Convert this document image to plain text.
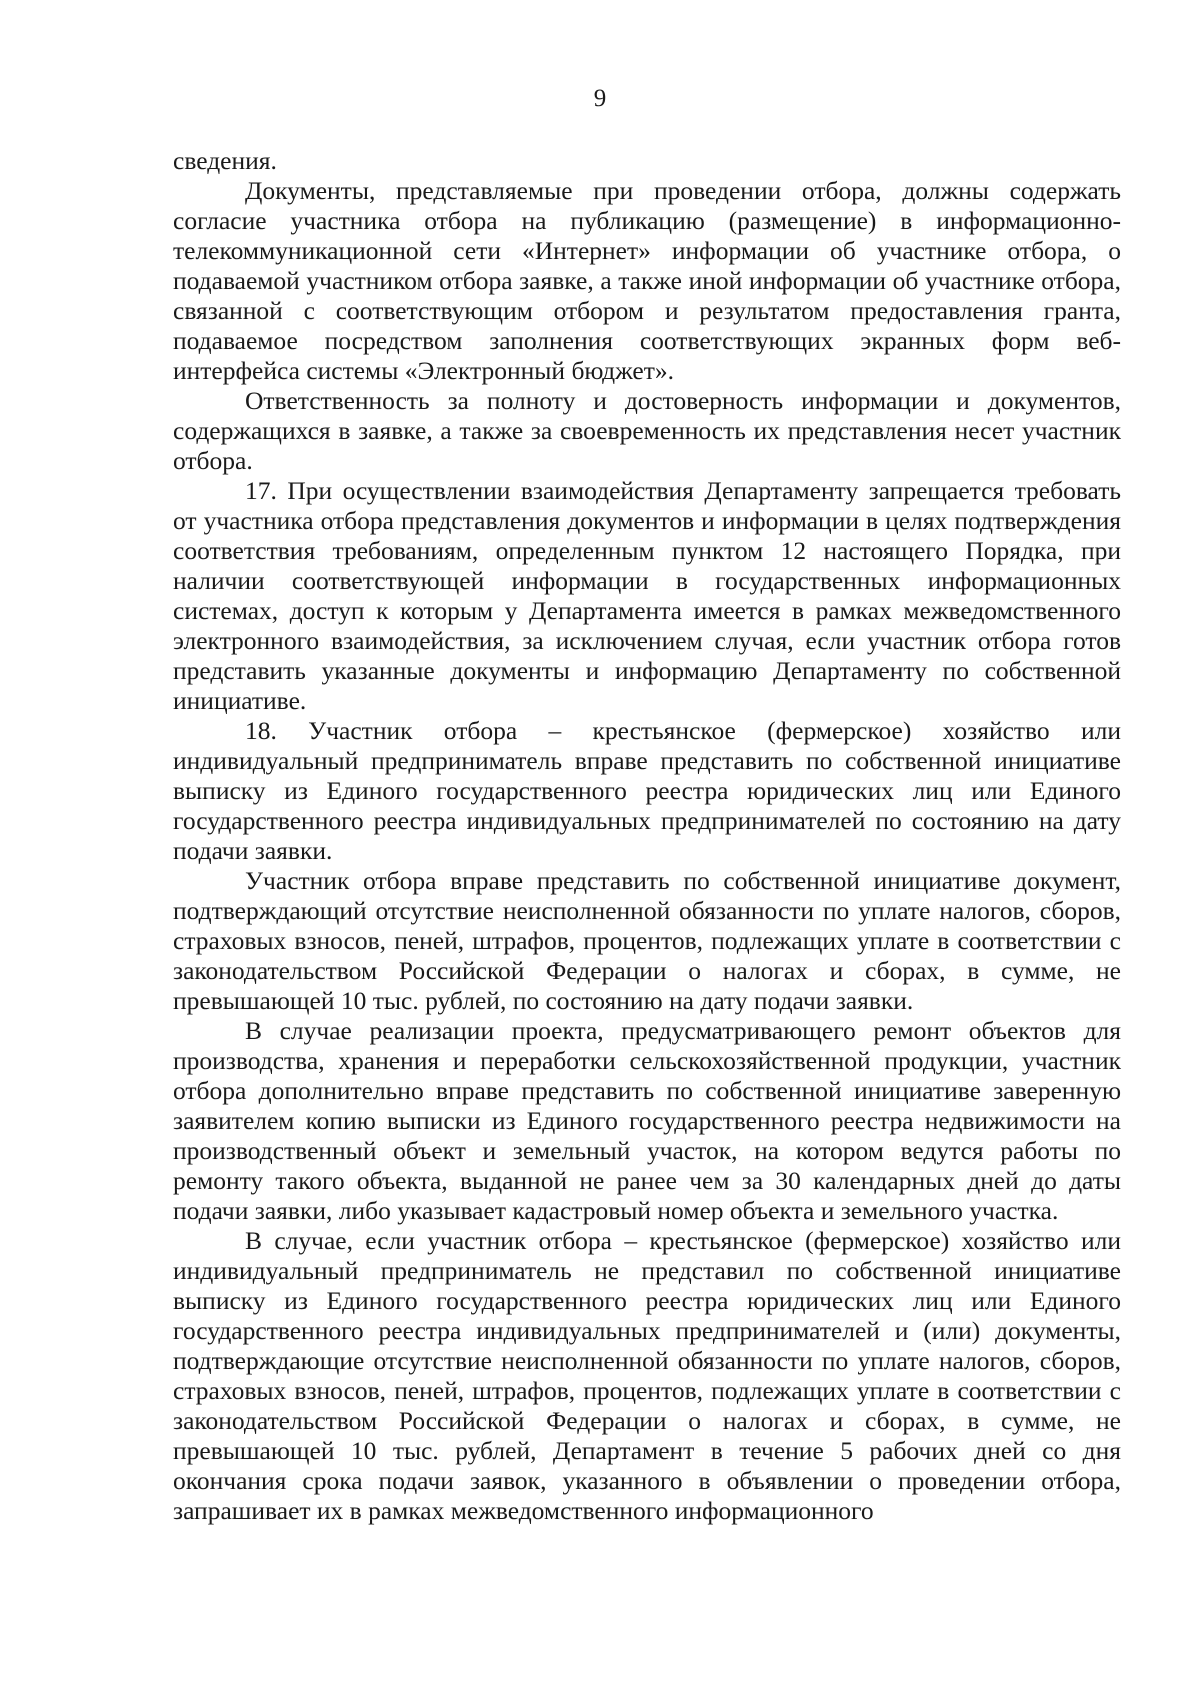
9

сведения.

Документы, представляемые при проведении отбора, должны содержать согласие участника отбора на публикацию (размещение) в информационно-телекоммуникационной сети «Интернет» информации об участнике отбора, о подаваемой участником отбора заявке, а также иной информации об участнике отбора, связанной с соответствующим отбором и результатом предоставления гранта, подаваемое посредством заполнения соответствующих экранных форм веб-интерфейса системы «Электронный бюджет».

Ответственность за полноту и достоверность информации и документов, содержащихся в заявке, а также за своевременность их представления несет участник отбора.

17. При осуществлении взаимодействия Департаменту запрещается требовать от участника отбора представления документов и информации в целях подтверждения соответствия требованиям, определенным пунктом 12 настоящего Порядка, при наличии соответствующей информации в государственных информационных системах, доступ к которым у Департамента имеется в рамках межведомственного электронного взаимодействия, за исключением случая, если участник отбора готов представить указанные документы и информацию Департаменту по собственной инициативе.

18. Участник отбора – крестьянское (фермерское) хозяйство или индивидуальный предприниматель вправе представить по собственной инициативе выписку из Единого государственного реестра юридических лиц или Единого государственного реестра индивидуальных предпринимателей по состоянию на дату подачи заявки.

Участник отбора вправе представить по собственной инициативе документ, подтверждающий отсутствие неисполненной обязанности по уплате налогов, сборов, страховых взносов, пеней, штрафов, процентов, подлежащих уплате в соответствии с законодательством Российской Федерации о налогах и сборах, в сумме, не превышающей 10 тыс. рублей, по состоянию на дату подачи заявки.

В случае реализации проекта, предусматривающего ремонт объектов для производства, хранения и переработки сельскохозяйственной продукции, участник отбора дополнительно вправе представить по собственной инициативе заверенную заявителем копию выписки из Единого государственного реестра недвижимости на производственный объект и земельный участок, на котором ведутся работы по ремонту такого объекта, выданной не ранее чем за 30 календарных дней до даты подачи заявки, либо указывает кадастровый номер объекта и земельного участка.

В случае, если участник отбора – крестьянское (фермерское) хозяйство или индивидуальный предприниматель не представил по собственной инициативе выписку из Единого государственного реестра юридических лиц или Единого государственного реестра индивидуальных предпринимателей и (или) документы, подтверждающие отсутствие неисполненной обязанности по уплате налогов, сборов, страховых взносов, пеней, штрафов, процентов, подлежащих уплате в соответствии с законодательством Российской Федерации о налогах и сборах, в сумме, не превышающей 10 тыс. рублей, Департамент в течение 5 рабочих дней со дня окончания срока подачи заявок, указанного в объявлении о проведении отбора, запрашивает их в рамках межведомственного информационного
